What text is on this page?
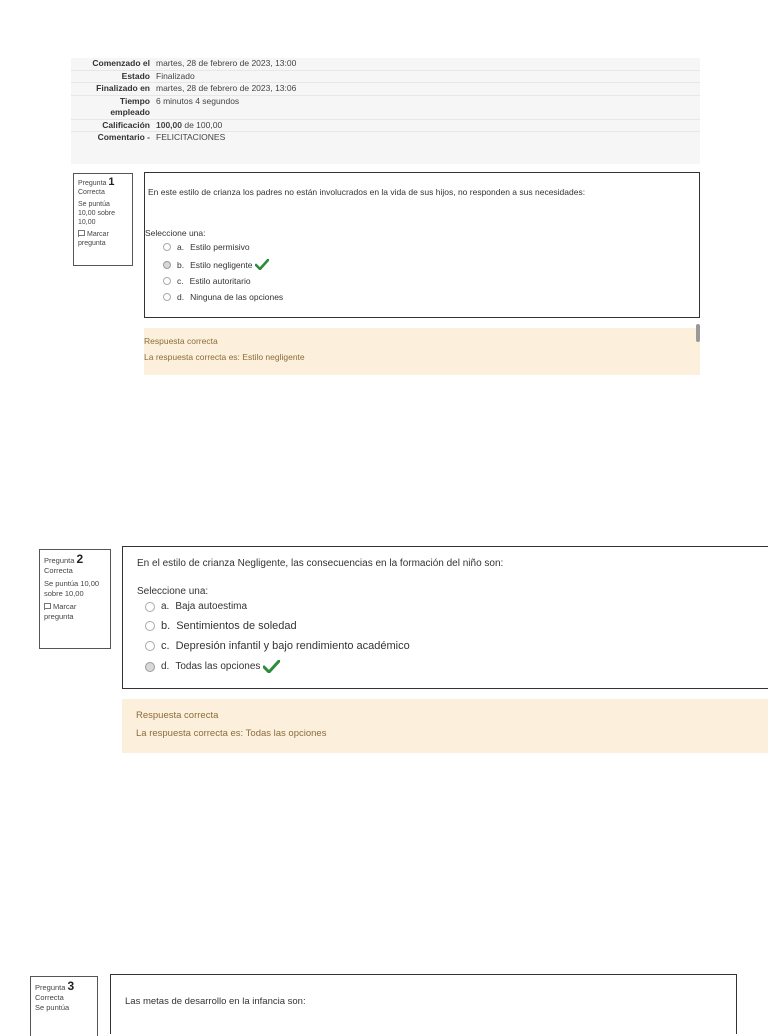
Comenzado el martes, 28 de febrero de 2023, 13:00
Estado Finalizado
Finalizado en martes, 28 de febrero de 2023, 13:06
Tiempo
empleado
6 minutos 4 segundos
Calificación 100,00 de 100,00
Comentario - FELICITACIONES
Pregunta 1
Correcta
Se puntúa 10,00 sobre 10,00
Marcar pregunta
En este estilo de crianza los padres no están involucrados en la vida de sus hijos, no responden a sus necesidades:
Seleccione una:
a. Estilo permisivo
b. Estilo negligente
c. Estilo autoritario
d. Ninguna de las opciones
Respuesta correcta
La respuesta correcta es: Estilo negligente
Pregunta 2
Correcta
Se puntúa 10,00 sobre 10,00
Marcar pregunta
En el estilo de crianza Negligente, las consecuencias en la formación del niño son:
Seleccione una:
a. Baja autoestima
b. Sentimientos de soledad
c. Depresión infantil y bajo rendimiento académico
d. Todas las opciones
Respuesta correcta
La respuesta correcta es: Todas las opciones
Pregunta 3
Correcta
Se puntúa
Las metas de desarrollo en la infancia son:
